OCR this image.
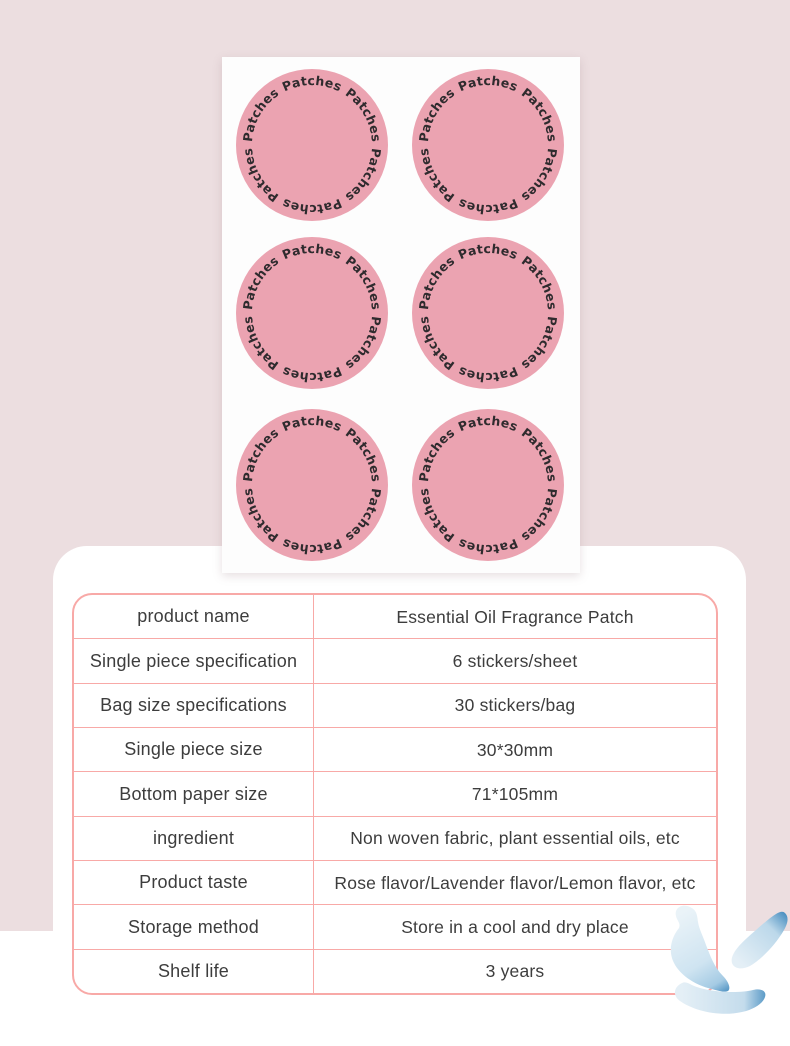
product name	Essential Oil Fragrance Patch
Single piece specification	6 stickers/sheet
Bag size specifications	30 stickers/bag
Single piece size	30*30mm
Bottom paper size	71*105mm
ingredient	Non woven fabric, plant essential oils, etc
Product taste	Rose flavor/Lavender flavor/Lemon flavor, etc
Storage method	Store in a cool and dry place
Shelf life	3 years
Patches
Patches
Patches
Patches
Patches
Patches	Patches
Patches
Patches
Patches
Patches
Patches
Patches
Patches
Patches
Patches
Patches
Patches	Patches
Patches
Patches
Patches
Patches
Patches
Patches
Patches
Patches
Patches
Patches
Patches	Patches
Patches
Patches
Patches
Patches
Patches
